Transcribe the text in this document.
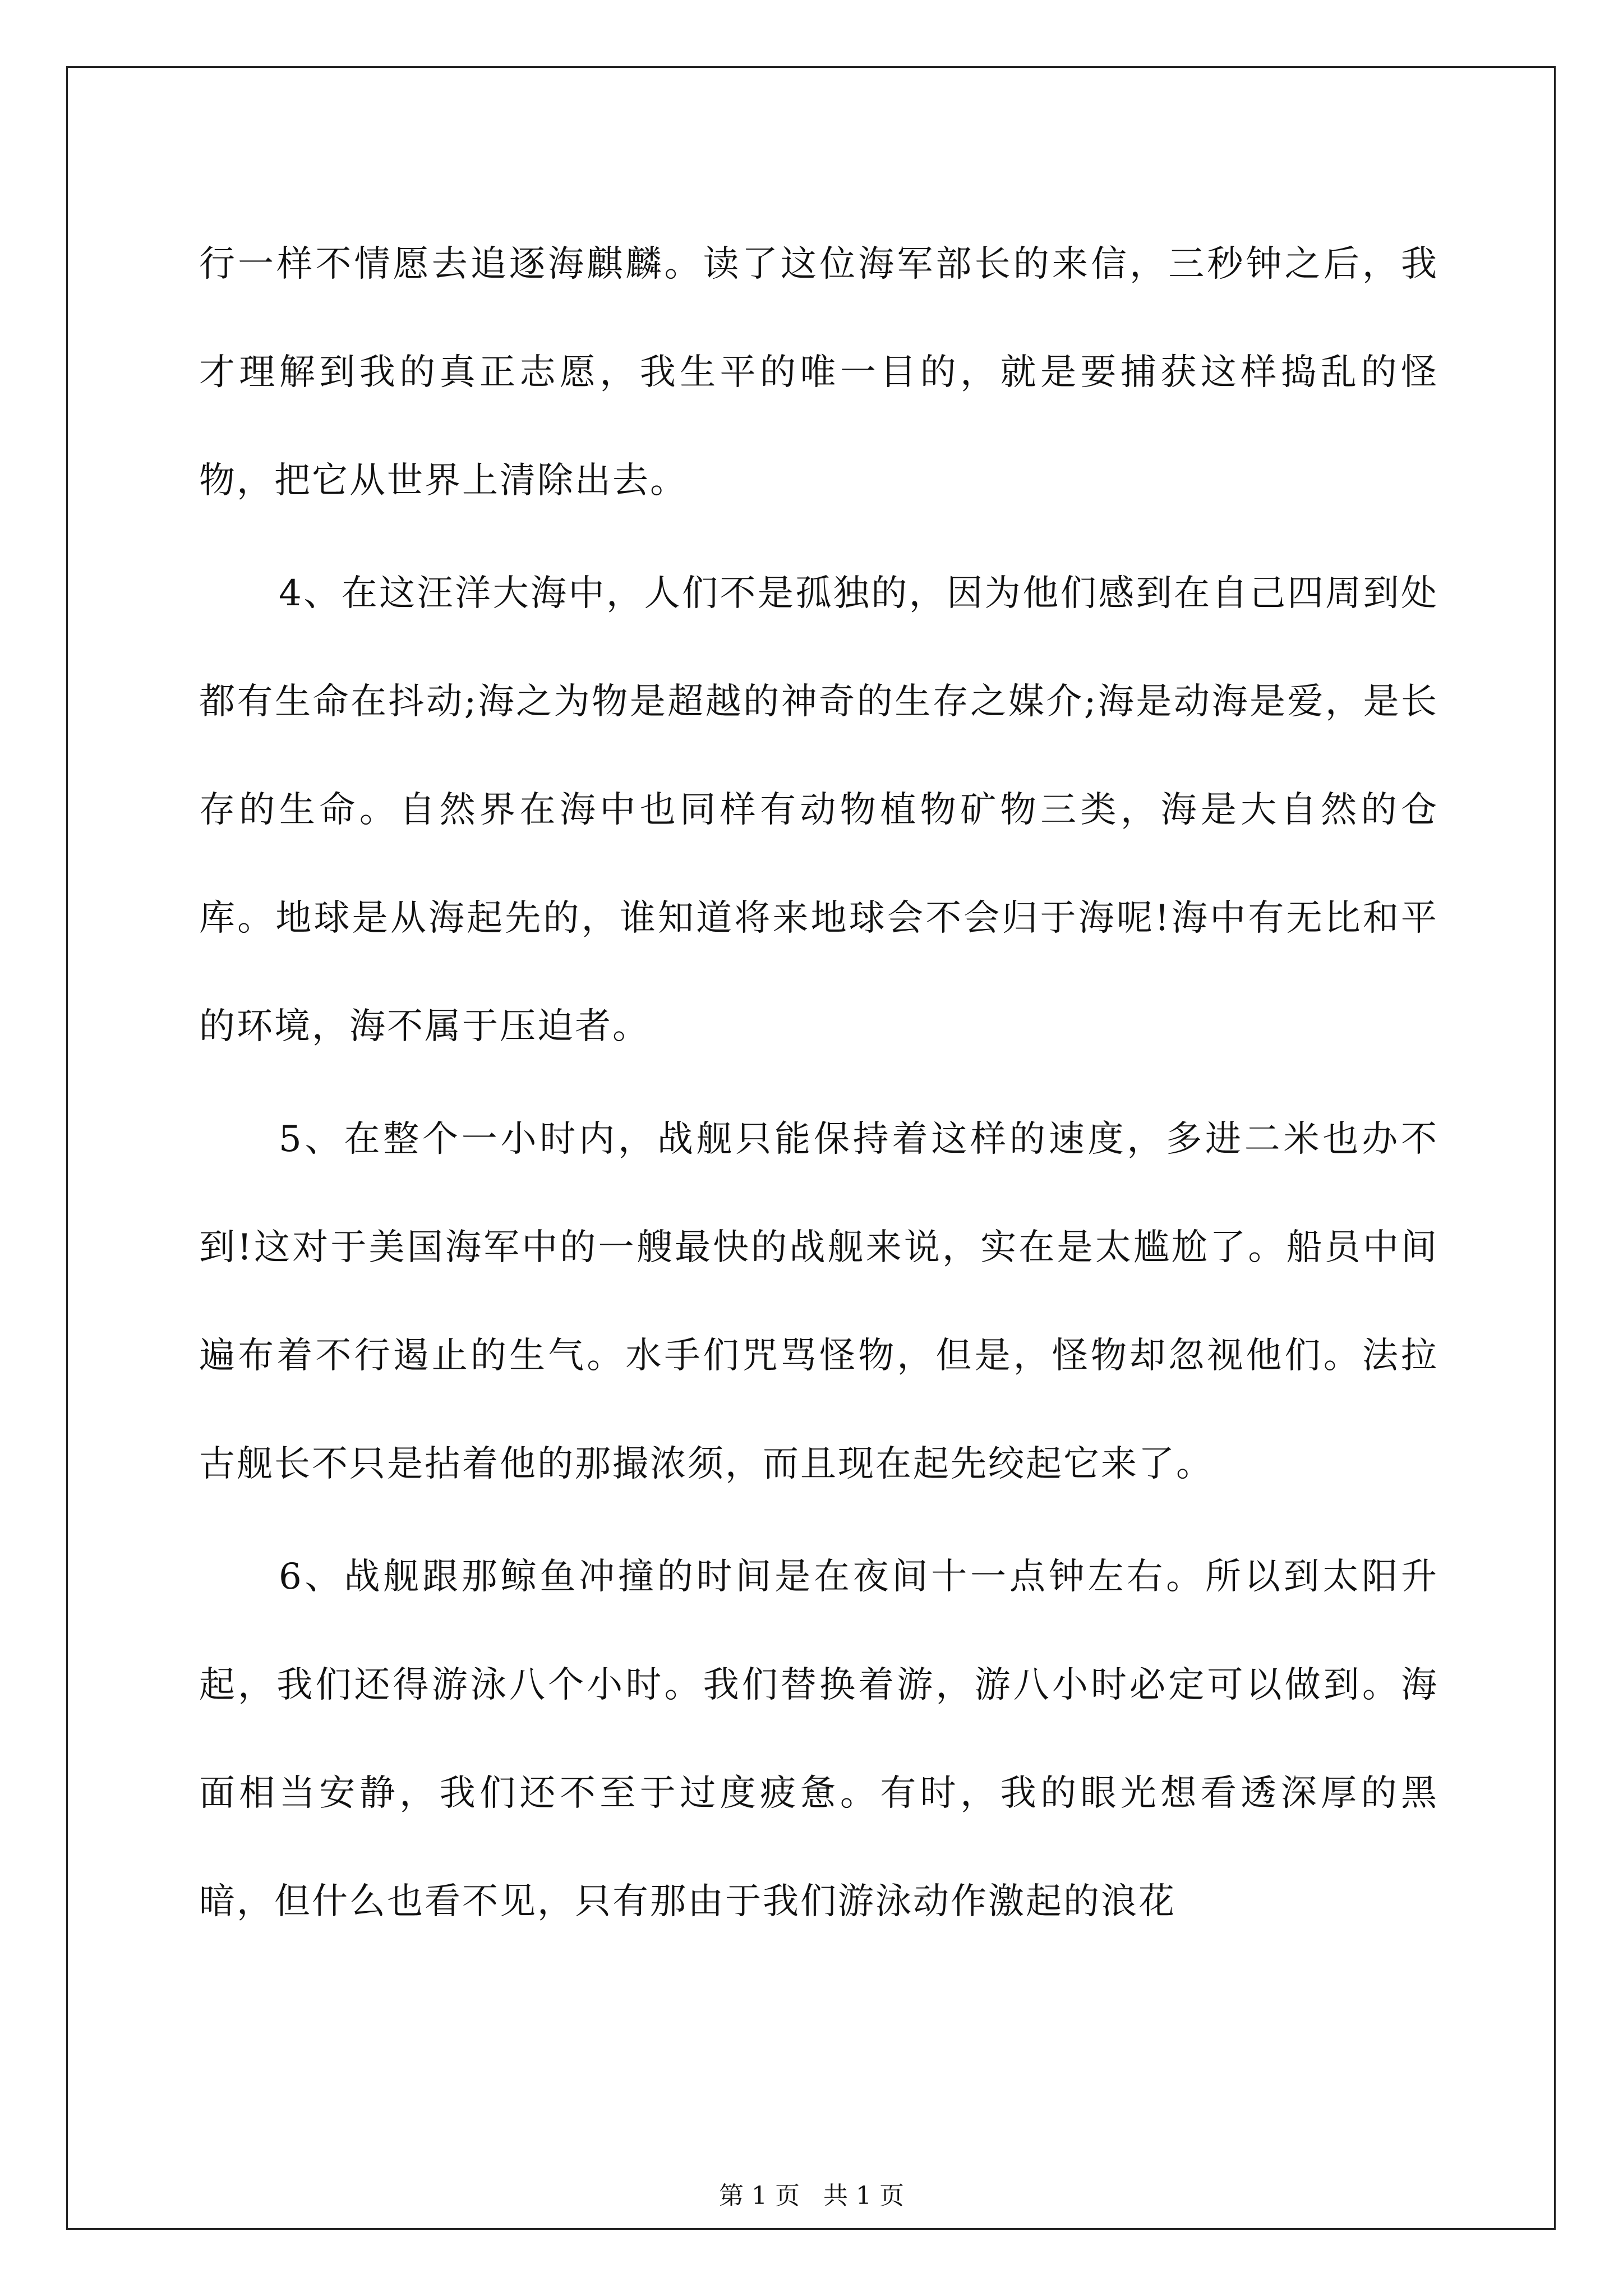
行一样不情愿去追逐海麒麟。读了这位海军部长的来信，三秒钟之后，我才理解到我的真正志愿，我生平的唯一目的，就是要捕获这样捣乱的怪物，把它从世界上清除出去。

4、在这汪洋大海中，人们不是孤独的，因为他们感到在自己四周到处都有生命在抖动;海之为物是超越的神奇的生存之媒介;海是动海是爱，是长存的生命。自然界在海中也同样有动物植物矿物三类，海是大自然的仓库。地球是从海起先的，谁知道将来地球会不会归于海呢!海中有无比和平的环境，海不属于压迫者。

5、在整个一小时内，战舰只能保持着这样的速度，多进二米也办不到!这对于美国海军中的一艘最快的战舰来说，实在是太尴尬了。船员中间遍布着不行遏止的生气。水手们咒骂怪物，但是，怪物却忽视他们。法拉古舰长不只是拈着他的那撮浓须，而且现在起先绞起它来了。

6、战舰跟那鲸鱼冲撞的时间是在夜间十一点钟左右。所以到太阳升起，我们还得游泳八个小时。我们替换着游，游八小时必定可以做到。海面相当安静，我们还不至于过度疲惫。有时，我的眼光想看透深厚的黑暗，但什么也看不见，只有那由于我们游泳动作激起的浪花

第 1 页   共 1 页
